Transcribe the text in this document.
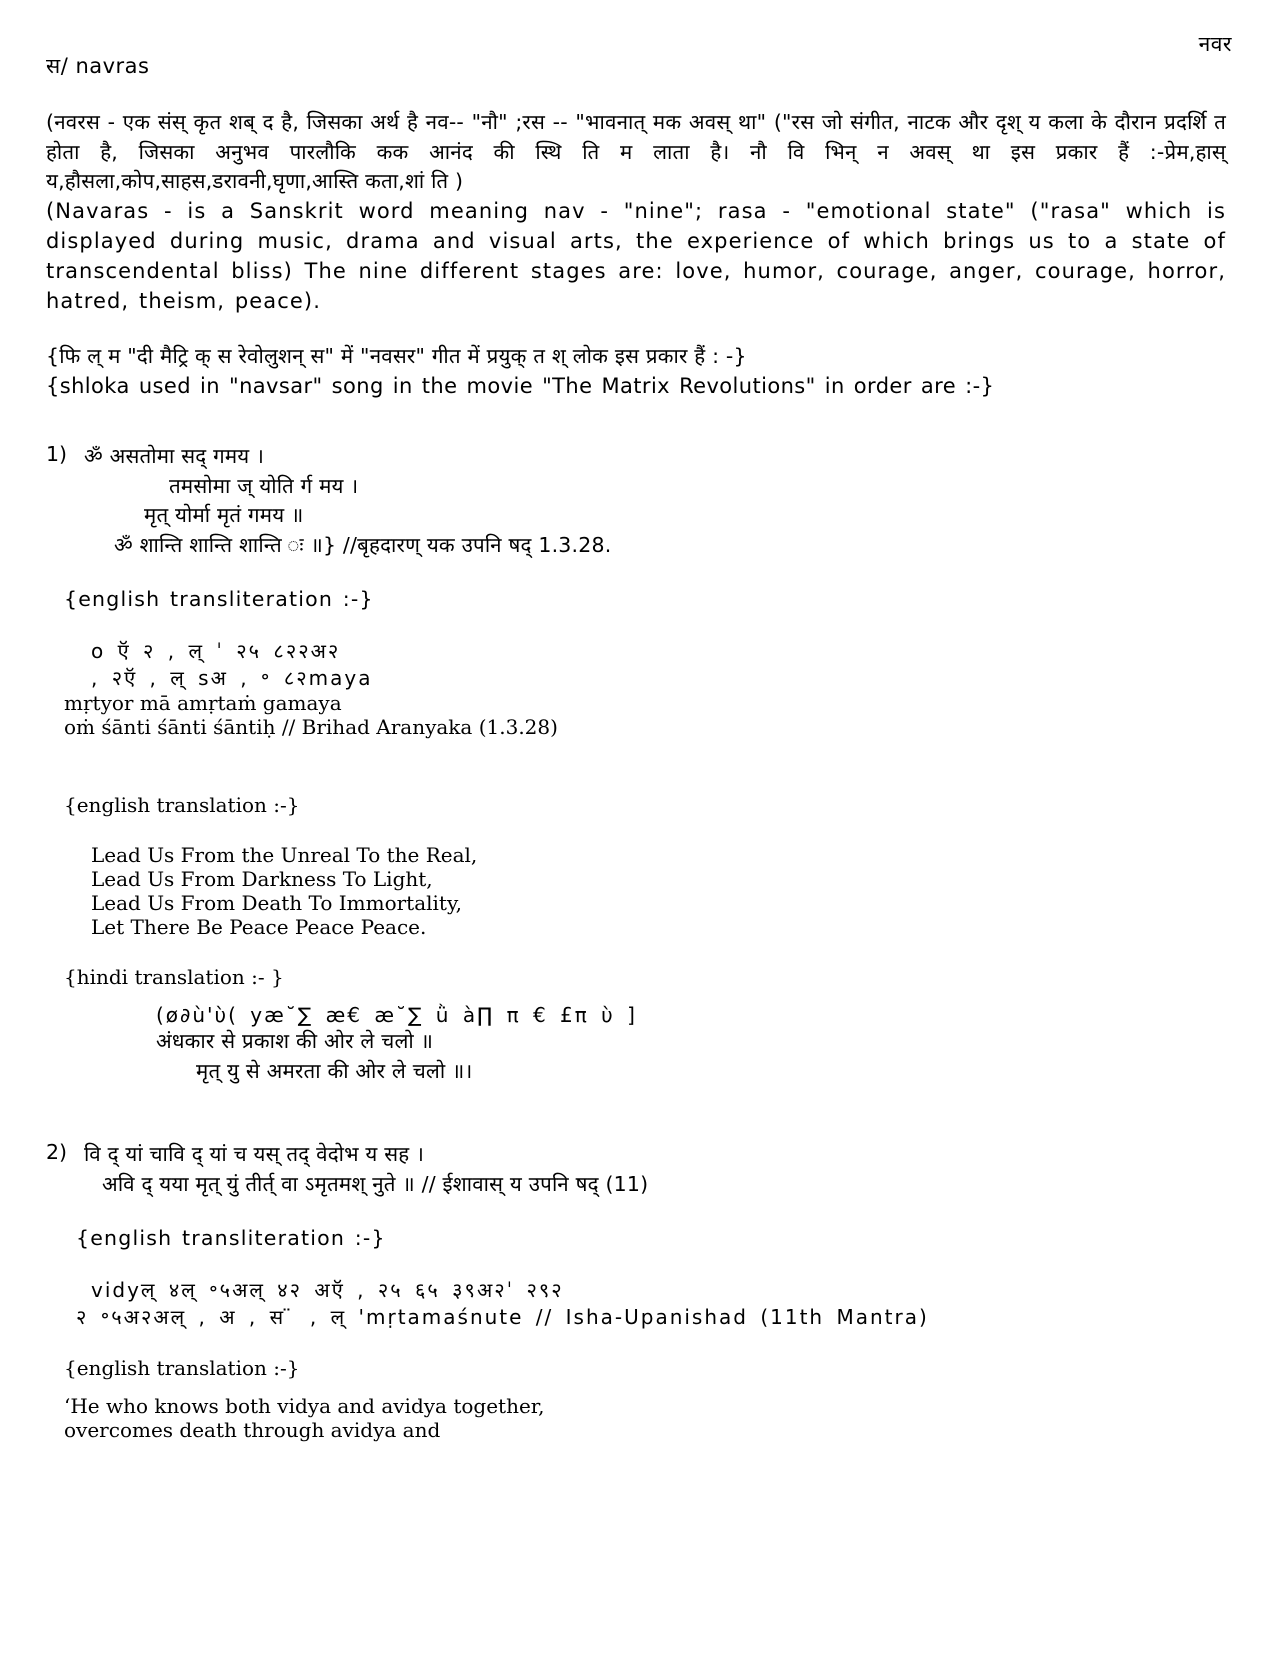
नवर
स/ navras

(नवरस - एक संस् कृत शब् द है, जिसका अर्थ है नव-- "नौ" ;रस -- "भावनात् मक अवस् था" ("रस जो संगीत, नाटक और दृश् य कला के दौरान प्रदर्शि त होता है, जिसका अनुभव पारलौकि कक आनंद की स्थि ति म लाता है। नौ वि भिन् न अवस् था इस प्रकार हैं :-प्रेम,हास् य,हौसला,कोप,साहस,डरावनी,घृणा,आस्ति कता,शां ति )

(Navaras - is a Sanskrit word meaning nav - "nine"; rasa - "emotional state" ("rasa" which is displayed during music, drama and visual arts, the experience of which brings us to a state of transcendental bliss) The nine different stages are: love, humor, courage, anger, courage, horror, hatred, theism, peace).

{फि ल् म "दी मैट्रि क् स रेवोलुशन् स" में "नवसर" गीत में प्रयुक् त श् लोक इस प्रकार हैं : -}

{shloka used in "navsar" song in the movie "The Matrix Revolutions" in order are :-}

1) ॐ असतोमा सद् गमय ।

तमसोमा ज् योति र्ग मय ।

मृत् योर्मा मृतं गमय ॥

ॐ शान्ति शान्ति शान्ति ः ॥} //बृहदारण् यक उपनि षद् 1.3.28.

{english transliteration :-}

o ऍ २ , ल् ˈ २५ ८२२अ२

, २ऍ , ल् sअ , ॰ ८२maya

mṛtyor mā amṛtaṁ gamaya

oṁ śānti śānti śāntiḥ // Brihad Aranyaka (1.3.28)

{english translation :-}

Lead Us From the Unreal To the Real,

Lead Us From Darkness To Light,

Lead Us From Death To Immortality,

Let There Be Peace Peace Peace.

{hindi translation :- }

(ø∂ù'ὺ( yæ˘∑ æ€ æ˘∑ ǜ à∏ π € £π ὺ ]

अंधकार से प्रकाश की ओर ले चलो ॥

मृत् यु से अमरता की ओर ले चलो ॥।

2) वि द् यां चावि द् यां च यस् तद् वेदोभ य सह ।

अवि द् यया मृत् युं तीर्त् वा ऽमृतमश् नुते ॥ // ईशावास् य उपनि षद् (11)

{english transliteration :-}

vidyल् ४ल् ॰५अल् ४२ अऍ , २५ ६५ ३९अ२ˈ २९२

२ ॰५अ२अल् , अ , स ̈ , ल् 'mṛtamaśnute // Isha-Upanishad (11th Mantra)

{english translation :-}

‘He who knows both vidya and avidya together,

overcomes death through avidya and
